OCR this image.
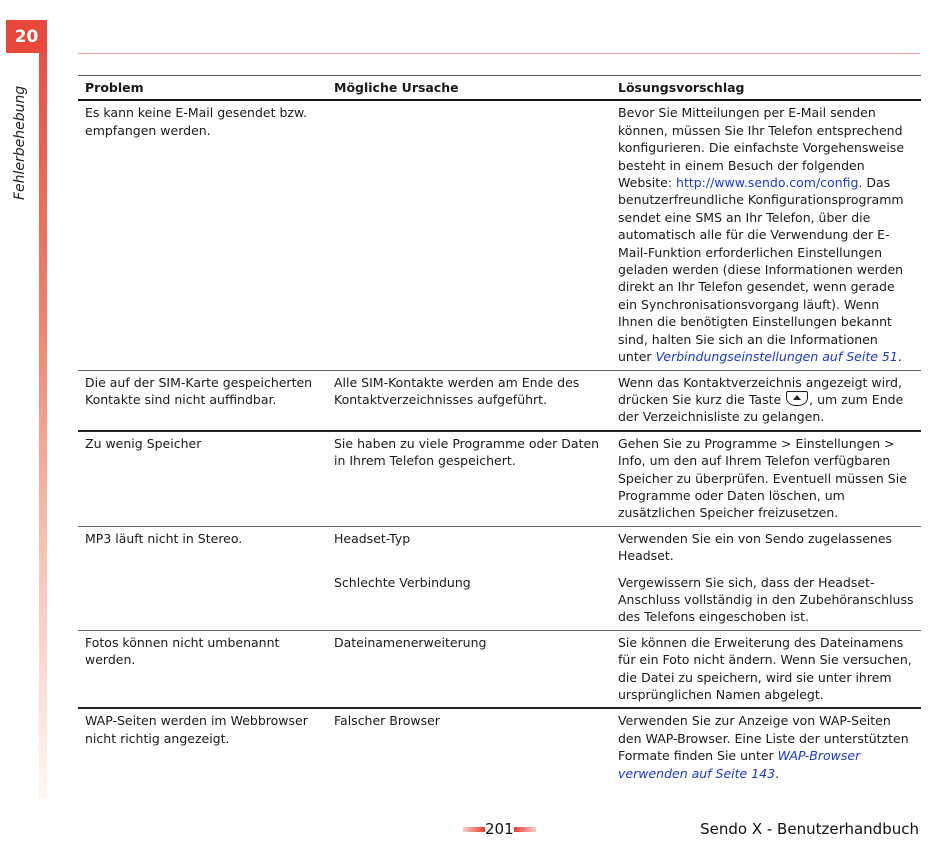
20
Fehlerbehebung	Problem	Mögliche Ursache	Lösungsvorschlag
Es kann keine E-Mail gesendet bzw. empfangen werden.		Bevor Sie Mitteilungen per E-Mail senden können, müssen Sie Ihr Telefon entsprechend konfigurieren. Die einfachste Vorgehensweise besteht in einem Besuch der folgenden Website: http://www.sendo.com/config. Das benutzerfreundliche Konfigurationsprogramm sendet eine SMS an Ihr Telefon, über die automatisch alle für die Verwendung der E-Mail-Funktion erforderlichen Einstellungen geladen werden (diese Informationen werden direkt an Ihr Telefon gesendet, wenn gerade ein Synchronisationsvorgang läuft). Wenn Ihnen die benötigten Einstellungen bekannt sind, halten Sie sich an die Informationen unter Verbindungseinstellungen auf Seite 51.
Die auf der SIM-Karte gespeicherten Kontakte sind nicht auffindbar.	Alle SIM-Kontakte werden am Ende des Kontaktverzeichnisses aufgeführt.	Wenn das Kontaktverzeichnis angezeigt wird, drücken Sie kurz die Taste , um zum Ende der Verzeichnisliste zu gelangen.
Zu wenig Speicher	Sie haben zu viele Programme oder Daten in Ihrem Telefon gespeichert.	Gehen Sie zu Programme > Einstellungen > Info, um den auf Ihrem Telefon verfügbaren Speicher zu überprüfen. Eventuell müssen Sie Programme oder Daten löschen, um zusätzlichen Speicher freizusetzen.
MP3 läuft nicht in Stereo.	Headset-Typ	Verwenden Sie ein von Sendo zugelassenes Headset.
	Schlechte Verbindung	Vergewissern Sie sich, dass der Headset-Anschluss vollständig in den Zubehöranschluss des Telefons eingeschoben ist.
Fotos können nicht umbenannt werden.	Dateinamenerweiterung	Sie können die Erweiterung des Dateinamens für ein Foto nicht ändern. Wenn Sie versuchen, die Datei zu speichern, wird sie unter ihrem ursprünglichen Namen abgelegt.
WAP-Seiten werden im Webbrowser nicht richtig angezeigt.	Falscher Browser	Verwenden Sie zur Anzeige von WAP-Seiten den WAP-Browser. Eine Liste der unterstützten Formate finden Sie unter WAP-Browser verwenden auf Seite 143.
201	Sendo X - Benutzerhandbuch
